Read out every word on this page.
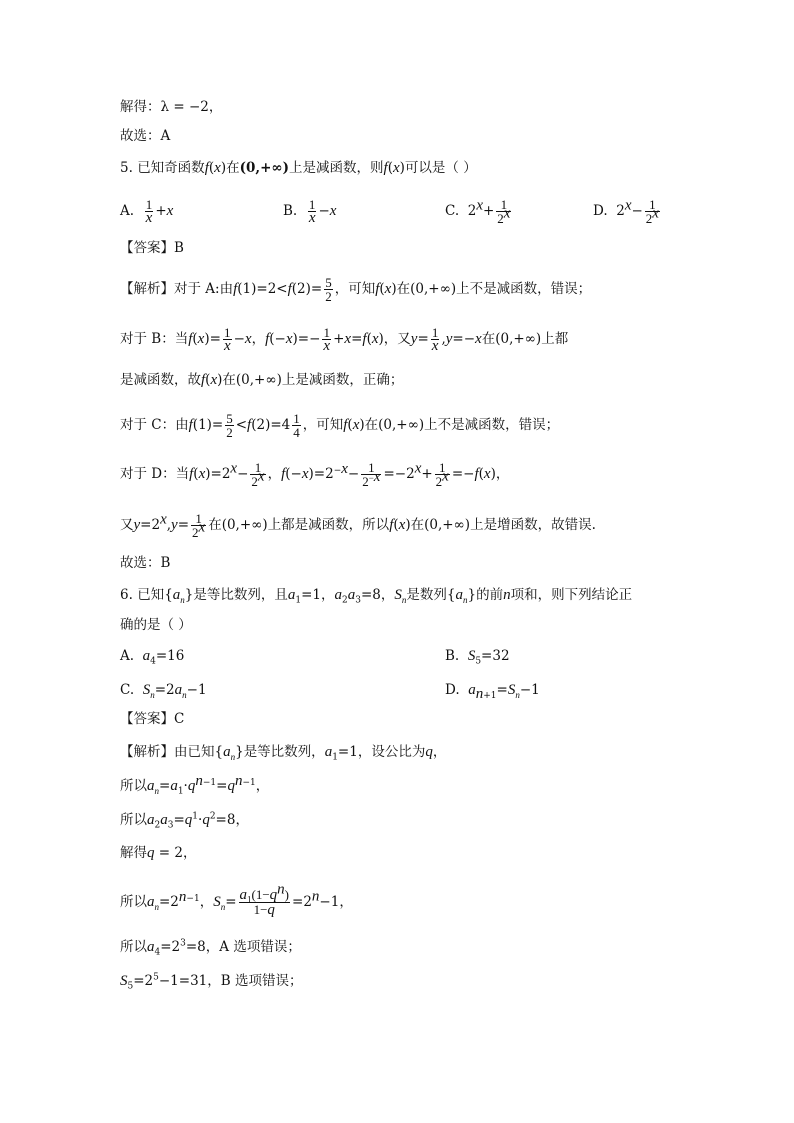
解得：λ = −2，
故选：A
5. 已知奇函数f(x)在(0,+∞)上是减函数，则f(x)可以是（ ）
A. $\frac{1}{x} +x$	B. $\frac{1}{x} -x$	C.  $2^x+ \frac{1}{2^x}$	D.  $2^x- \frac{1}{2^x}$
【答案】B
【解析】对于 A:由$f(1)=2<f(2)= \frac{5}{2}$ ，可知f(x)在(0,+∞)上不是减函数，错误；
对于 B：当$f(x)= \frac{1}{x} -x$，$f(-x)=- \frac{1}{x} +x=f(x)$，又$y= \frac{1}{x} ,y=-x$在(0,+∞)上都
是减函数，故f(x)在(0,+∞)上是减函数，正确；
对于 C：由$f(1)= \frac{5}{2} <f(2)=4 \frac{1}{4}$ ，可知f(x)在(0,+∞)上不是减函数，错误；
对于 D：当$f(x)=2^x- \frac{1}{2^x}$ ，$f(-x)=2^{-x}- \frac{1}{2^{-x}} =-2^x+ \frac{1}{2^x} =-f(x)$，
又$y=2^x,y= \frac{1}{2^x}$ 在(0,+∞)上都是减函数，所以f(x)在(0,+∞)上是增函数，故错误.
故选：B
6. 已知$\{a_n\}$是等比数列，且$a_1=1$，$a_2a_3=8$，$S_n$是数列$\{a_n\}$的前n项和，则下列结论正
确的是（ ）
A. $a_4=16$	B. $S_5=32$
C. $S_n=2a_n-1$	D. $a_{n+1}=S_n-1$
【答案】C
【解析】由已知$\{a_n\}$是等比数列，$a_1=1$，设公比为q，
所以$a_n=a_1\cdot q^{n-1}=q^{n-1}$，
所以$a_2a_3=q^1\cdot q^2=8$，
解得q = 2，
所以$a_n=2^{n-1}$，$S_n= \frac{a_1(1-q^n)}{1-q} =2^n-1$，
所以$a_4=2^3=8$，A 选项错误；
$S_5=2^5-1=31$，B 选项错误；
